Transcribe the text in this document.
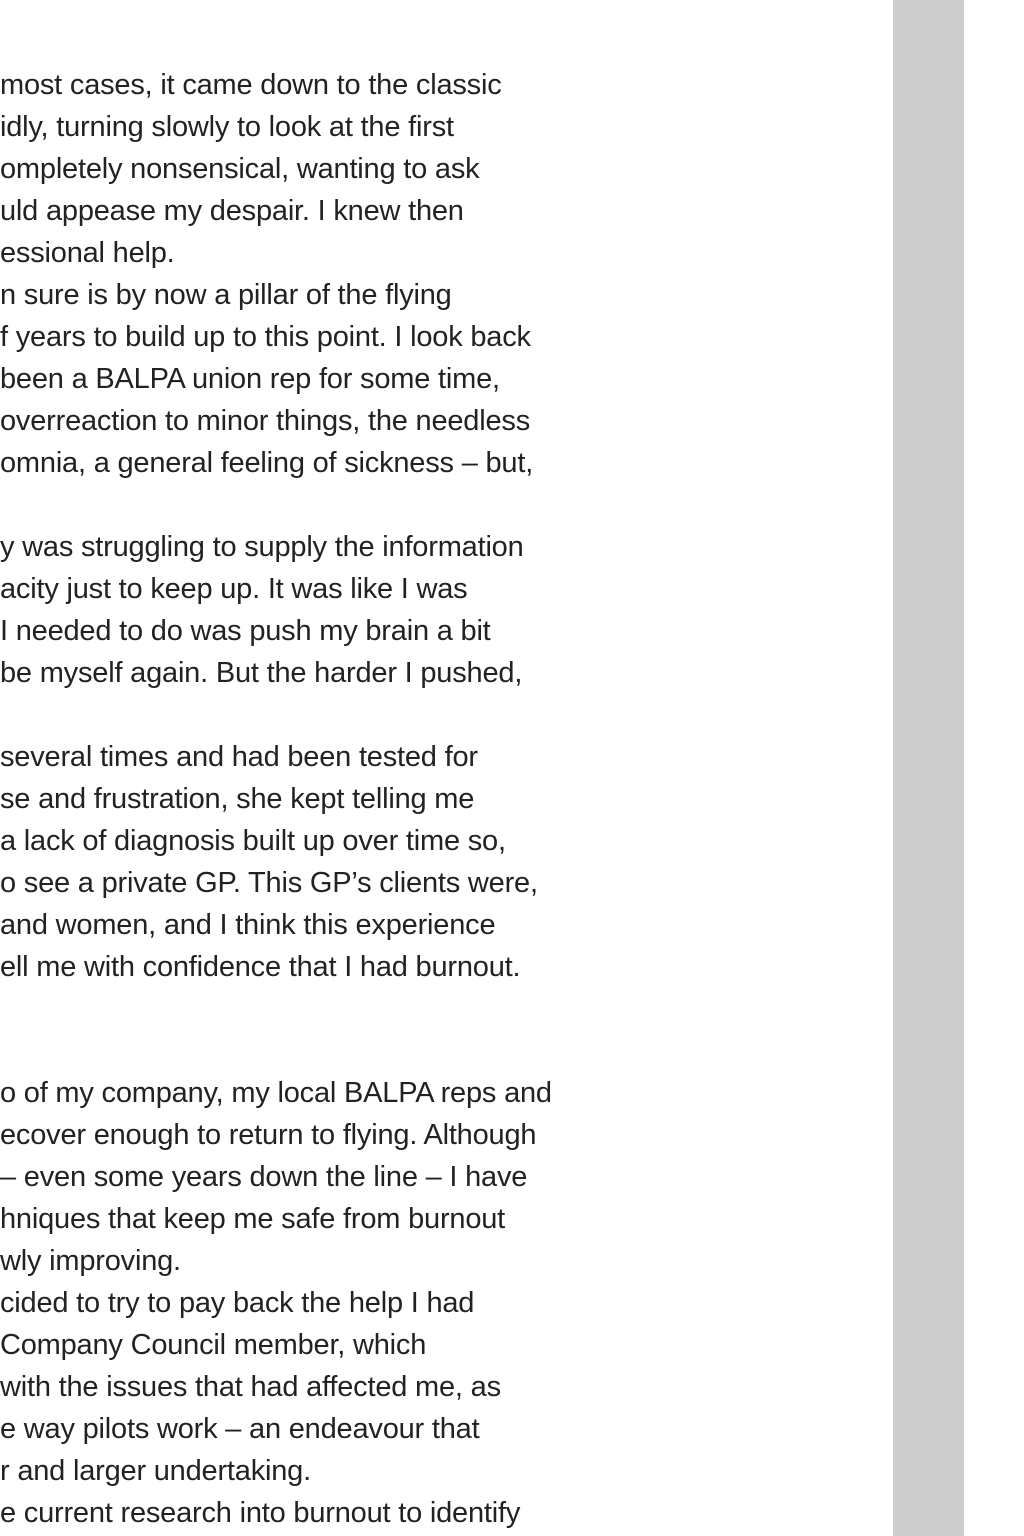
most cases, it came down to the classic
idly, turning slowly to look at the first
ompletely nonsensical, wanting to ask
uld appease my despair. I knew then
essional help.
n sure is by now a pillar of the flying
f years to build up to this point. I look back
been a BALPA union rep for some time,
overreaction to minor things, the needless
omnia, a general feeling of sickness – but,
y was struggling to supply the information
acity just to keep up. It was like I was
I needed to do was push my brain a bit
be myself again. But the harder I pushed,
several times and had been tested for
se and frustration, she kept telling me
a lack of diagnosis built up over time so,
o see a private GP. This GP’s clients were,
and women, and I think this experience
ell me with confidence that I had burnout.
o of my company, my local BALPA reps and
ecover enough to return to flying. Although
– even some years down the line – I have
hniques that keep me safe from burnout
wly improving.
cided to try to pay back the help I had
Company Council member, which
with the issues that had affected me, as
e way pilots work – an endeavour that
r and larger undertaking.
e current research into burnout to identify
